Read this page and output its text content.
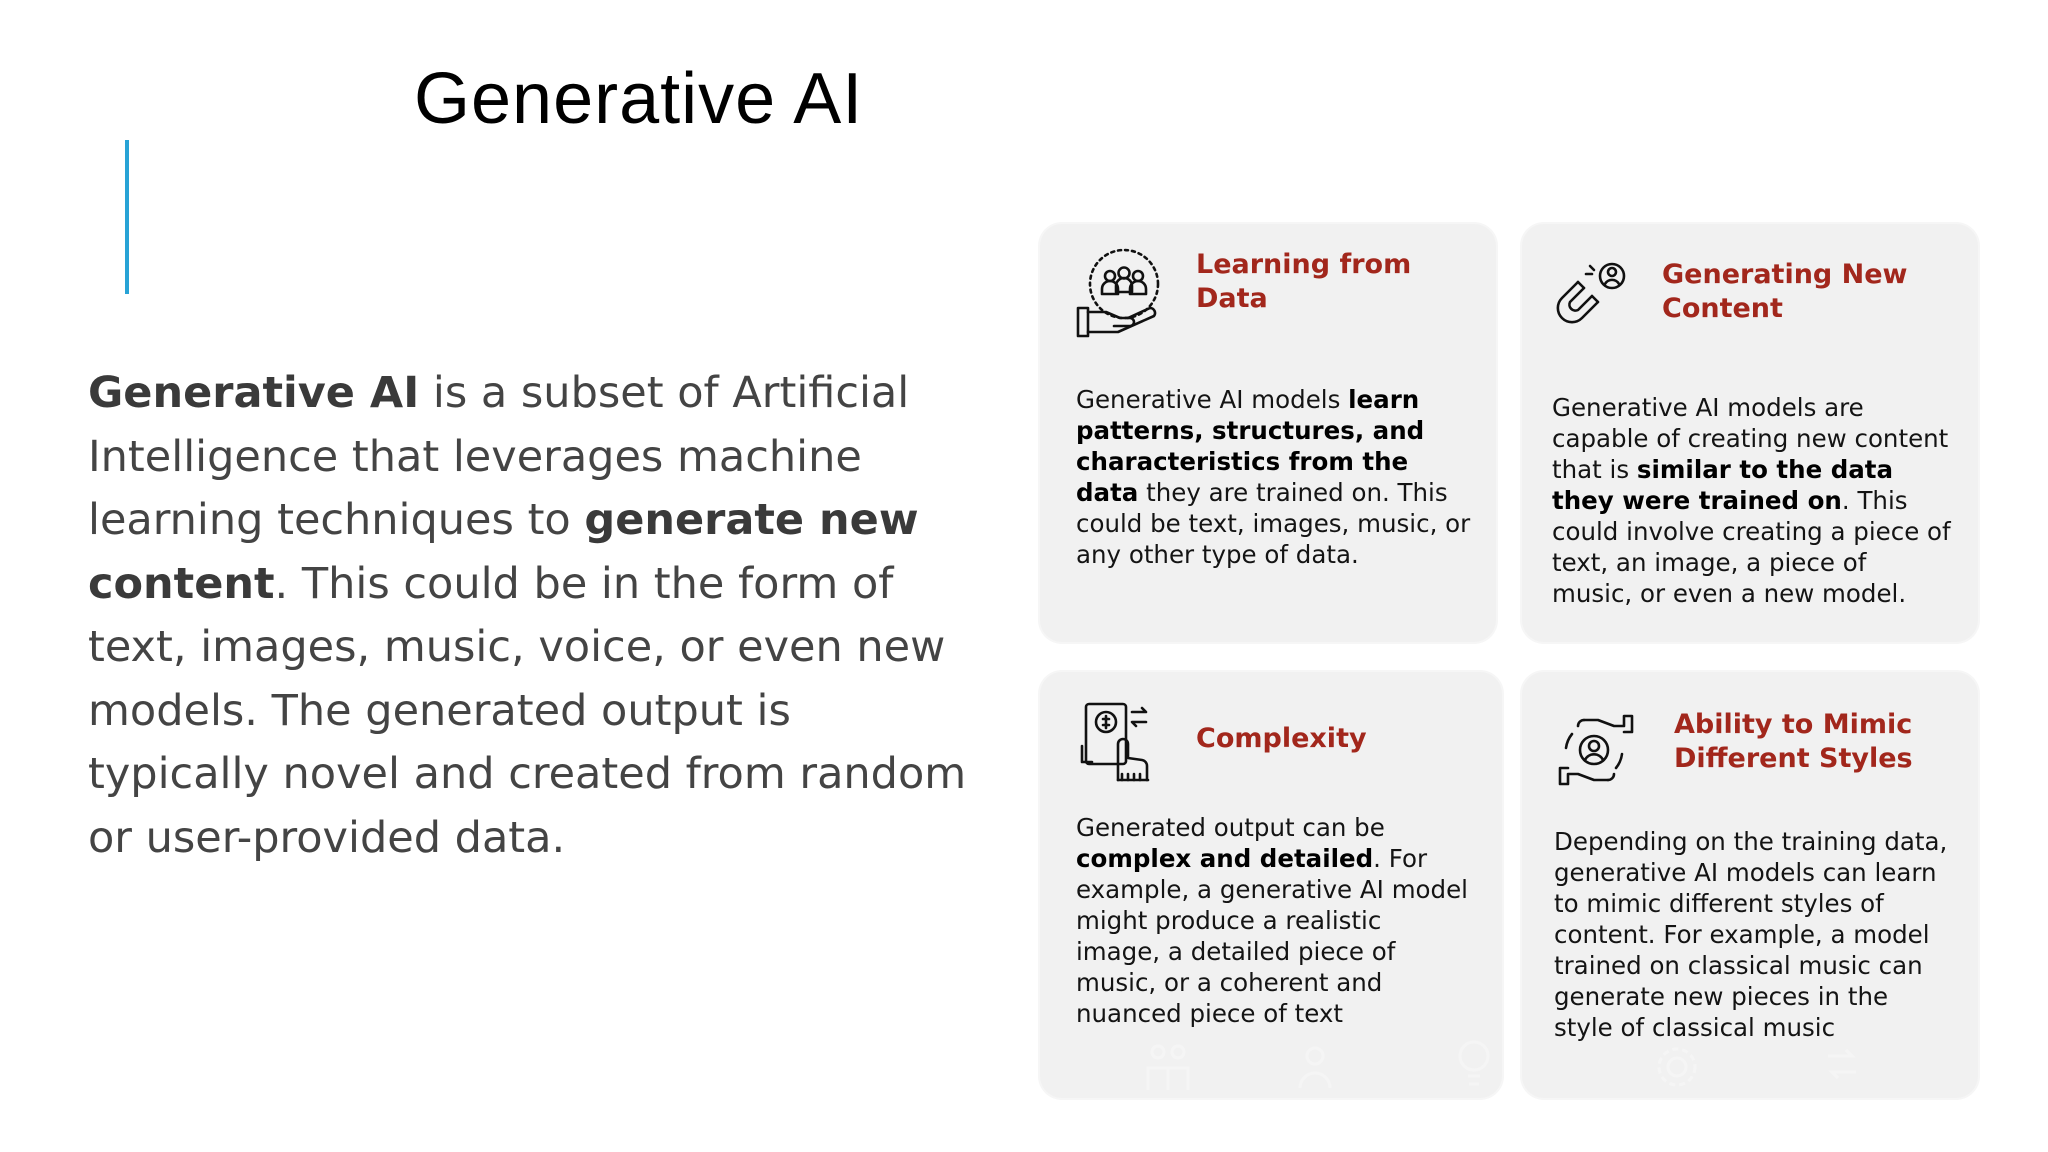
Generative AI

Generative AI is a subset of Artificial Intelligence that leverages machine learning techniques to generate new content. This could be in the form of text, images, music, voice, or even new models. The generated output is typically novel and created from random or user-provided data.

Learning from Data

Generative AI models learn patterns, structures, and characteristics from the data they are trained on. This could be text, images, music, or any other type of data.

Generating New Content

Generative AI models are capable of creating new content that is similar to the data they were trained on. This could involve creating a piece of text, an image, a piece of music, or even a new model.

Complexity

Generated output can be complex and detailed. For example, a generative AI model might produce a realistic image, a detailed piece of music, or a coherent and nuanced piece of text

Ability to Mimic Different Styles

Depending on the training data, generative AI models can learn to mimic different styles of content. For example, a model trained on classical music can generate new pieces in the style of classical music
